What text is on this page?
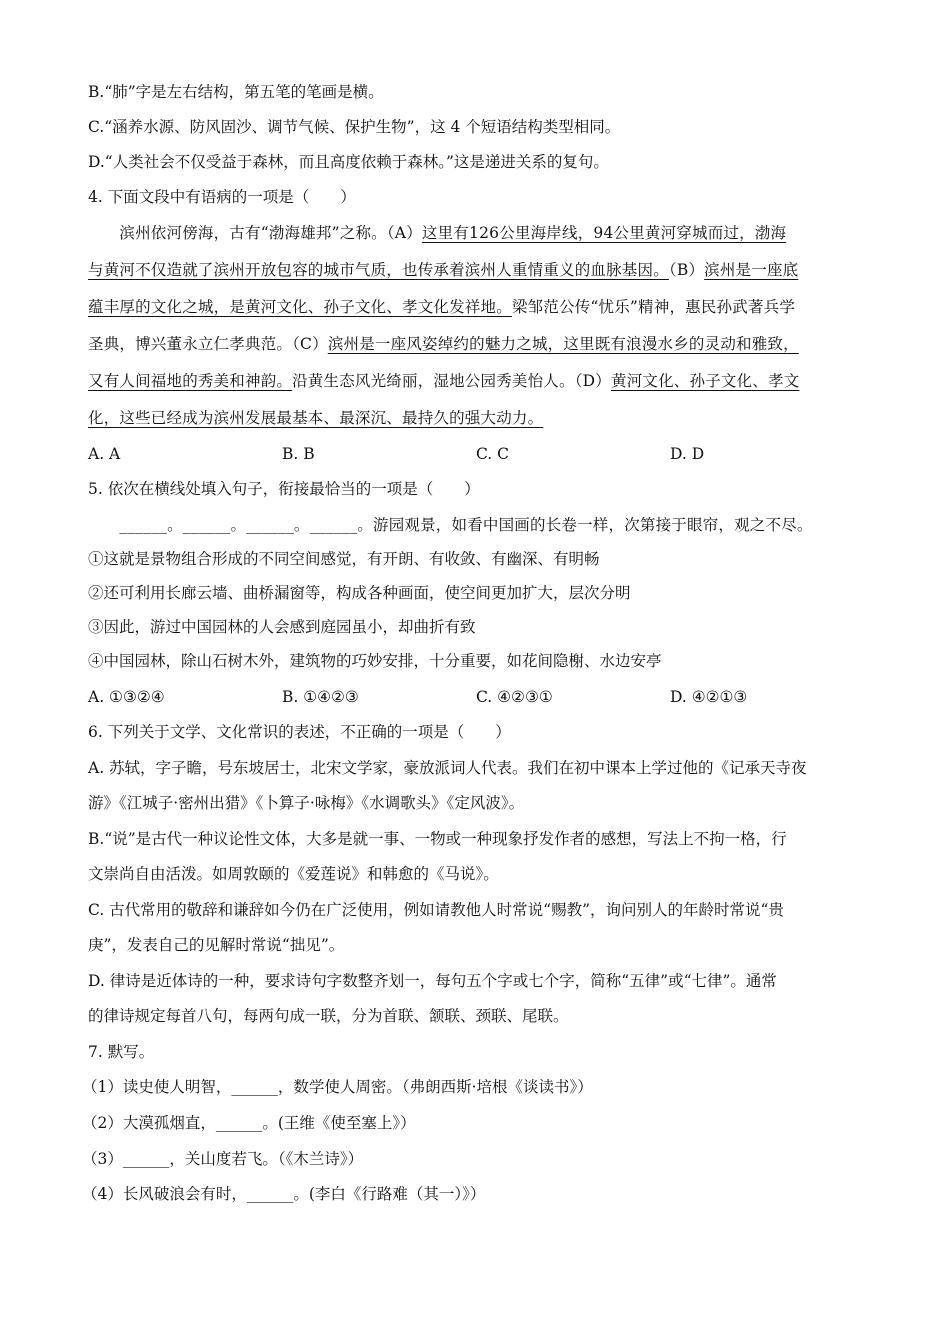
B.“肺”字是左右结构，第五笔的笔画是横。
C.“涵养水源、防风固沙、调节气候、保护生物”，这 4 个短语结构类型相同。
D.“人类社会不仅受益于森林，而且高度依赖于森林。”这是递进关系的复句。
4. 下面文段中有语病的一项是（　　）
　　滨州依河傍海，古有“渤海雄邦”之称。（A）这里有126公里海岸线，94公里黄河穿城而过，渤海
与黄河不仅造就了滨州开放包容的城市气质，也传承着滨州人重情重义的血脉基因。（B）滨州是一座底
蕴丰厚的文化之城，是黄河文化、孙子文化、孝文化发祥地。梁邹范公传“忧乐”精神，惠民孙武著兵学
圣典，博兴董永立仁孝典范。（C）滨州是一座风姿绰约的魅力之城，这里既有浪漫水乡的灵动和雅致，
又有人间福地的秀美和神韵。沿黄生态风光绮丽，湿地公园秀美怡人。（D）黄河文化、孙子文化、孝文
化，这些已经成为滨州发展最基本、最深沉、最持久的强大动力。
A. A	B. B	C. C	D. D
5. 依次在横线处填入句子，衔接最恰当的一项是（　　）
　　______。______。______。______。游园观景，如看中国画的长卷一样，次第接于眼帘，观之不尽。
①这就是景物组合形成的不同空间感觉，有开朗、有收敛、有幽深、有明畅
②还可利用长廊云墙、曲桥漏窗等，构成各种画面，使空间更加扩大，层次分明
③因此，游过中国园林的人会感到庭园虽小，却曲折有致
④中国园林，除山石树木外，建筑物的巧妙安排，十分重要，如花间隐榭、水边安亭
A. ①③②④	B. ①④②③	C. ④②③①	D. ④②①③
6. 下列关于文学、文化常识的表述，不正确的一项是（　　）
A. 苏轼，字子瞻，号东坡居士，北宋文学家，豪放派词人代表。我们在初中课本上学过他的《记承天寺夜
游》《江城子·密州出猎》《卜算子·咏梅》《水调歌头》《定风波》。
B.“说”是古代一种议论性文体，大多是就一事、一物或一种现象抒发作者的感想，写法上不拘一格，行
文崇尚自由活泼。如周敦颐的《爱莲说》和韩愈的《马说》。
C. 古代常用的敬辞和谦辞如今仍在广泛使用，例如请教他人时常说“赐教”，询问别人的年龄时常说“贵
庚”，发表自己的见解时常说“拙见”。
D. 律诗是近体诗的一种，要求诗句字数整齐划一，每句五个字或七个字，简称“五律”或“七律”。通常
的律诗规定每首八句，每两句成一联，分为首联、颔联、颈联、尾联。
7. 默写。
（1）读史使人明智，______，数学使人周密。（弗朗西斯·培根《谈读书》）
（2）大漠孤烟直，______。(王维《使至塞上》）
（3）______，关山度若飞。（《木兰诗》）
（4）长风破浪会有时，______。(李白《行路难（其一）》）
